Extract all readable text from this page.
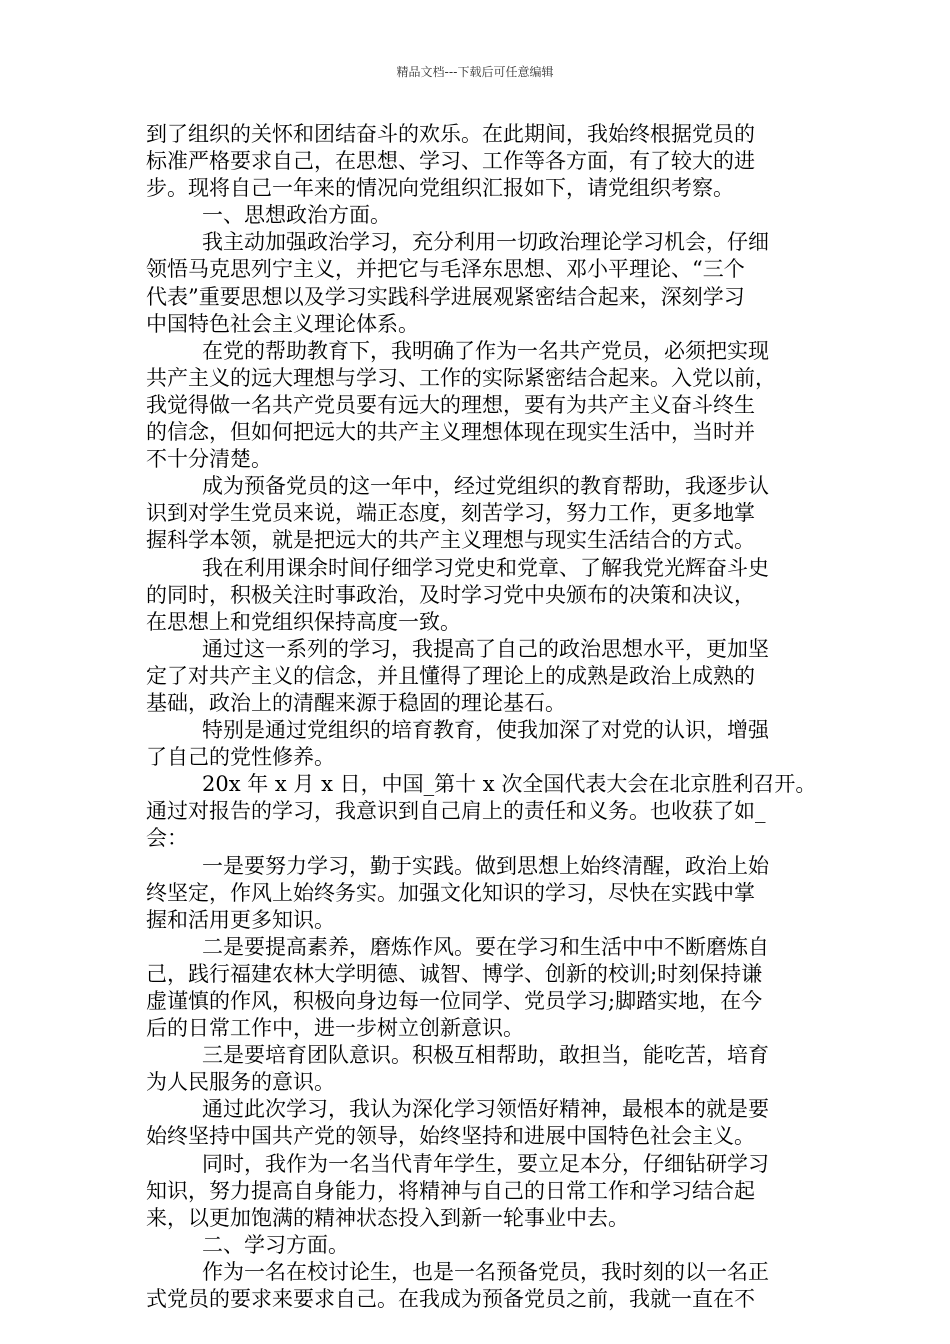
精品文档---下载后可任意编辑
到了组织的关怀和团结奋斗的欢乐。在此期间，我始终根据党员的
标准严格要求自己，在思想、学习、工作等各方面，有了较大的进
步。现将自己一年来的情况向党组织汇报如下，请党组织考察。
一、思想政治方面。
我主动加强政治学习，充分利用一切政治理论学习机会，仔细
领悟马克思列宁主义，并把它与毛泽东思想、邓小平理论、“三个
代表”重要思想以及学习实践科学进展观紧密结合起来，深刻学习
中国特色社会主义理论体系。
在党的帮助教育下，我明确了作为一名共产党员，必须把实现
共产主义的远大理想与学习、工作的实际紧密结合起来。入党以前，
我觉得做一名共产党员要有远大的理想，要有为共产主义奋斗终生
的信念，但如何把远大的共产主义理想体现在现实生活中，当时并
不十分清楚。
成为预备党员的这一年中，经过党组织的教育帮助，我逐步认
识到对学生党员来说，端正态度，刻苦学习，努力工作，更多地掌
握科学本领，就是把远大的共产主义理想与现实生活结合的方式。
我在利用课余时间仔细学习党史和党章、了解我党光辉奋斗史
的同时，积极关注时事政治，及时学习党中央颁布的决策和决议，
在思想上和党组织保持高度一致。
通过这一系列的学习，我提高了自己的政治思想水平，更加坚
定了对共产主义的信念，并且懂得了理论上的成熟是政治上成熟的
基础，政治上的清醒来源于稳固的理论基石。
特别是通过党组织的培育教育，使我加深了对党的认识，增强
了自己的党性修养。
20x 年 x 月 x 日，中国_第十 x 次全国代表大会在北京胜利召开。
通过对报告的学习，我意识到自己肩上的责任和义务。也收获了如_
会：
一是要努力学习，勤于实践。做到思想上始终清醒，政治上始
终坚定，作风上始终务实。加强文化知识的学习，尽快在实践中掌
握和活用更多知识。
二是要提高素养，磨炼作风。要在学习和生活中中不断磨炼自
己，践行福建农林大学明德、诚智、博学、创新的校训;时刻保持谦
虚谨慎的作风，积极向身边每一位同学、党员学习;脚踏实地，在今
后的日常工作中，进一步树立创新意识。
三是要培育团队意识。积极互相帮助，敢担当，能吃苦，培育
为人民服务的意识。
通过此次学习，我认为深化学习领悟好精神，最根本的就是要
始终坚持中国共产党的领导，始终坚持和进展中国特色社会主义。
同时，我作为一名当代青年学生，要立足本分，仔细钻研学习
知识，努力提高自身能力，将精神与自己的日常工作和学习结合起
来，以更加饱满的精神状态投入到新一轮事业中去。
二、学习方面。
作为一名在校讨论生，也是一名预备党员，我时刻的以一名正
式党员的要求来要求自己。在我成为预备党员之前，我就一直在不
